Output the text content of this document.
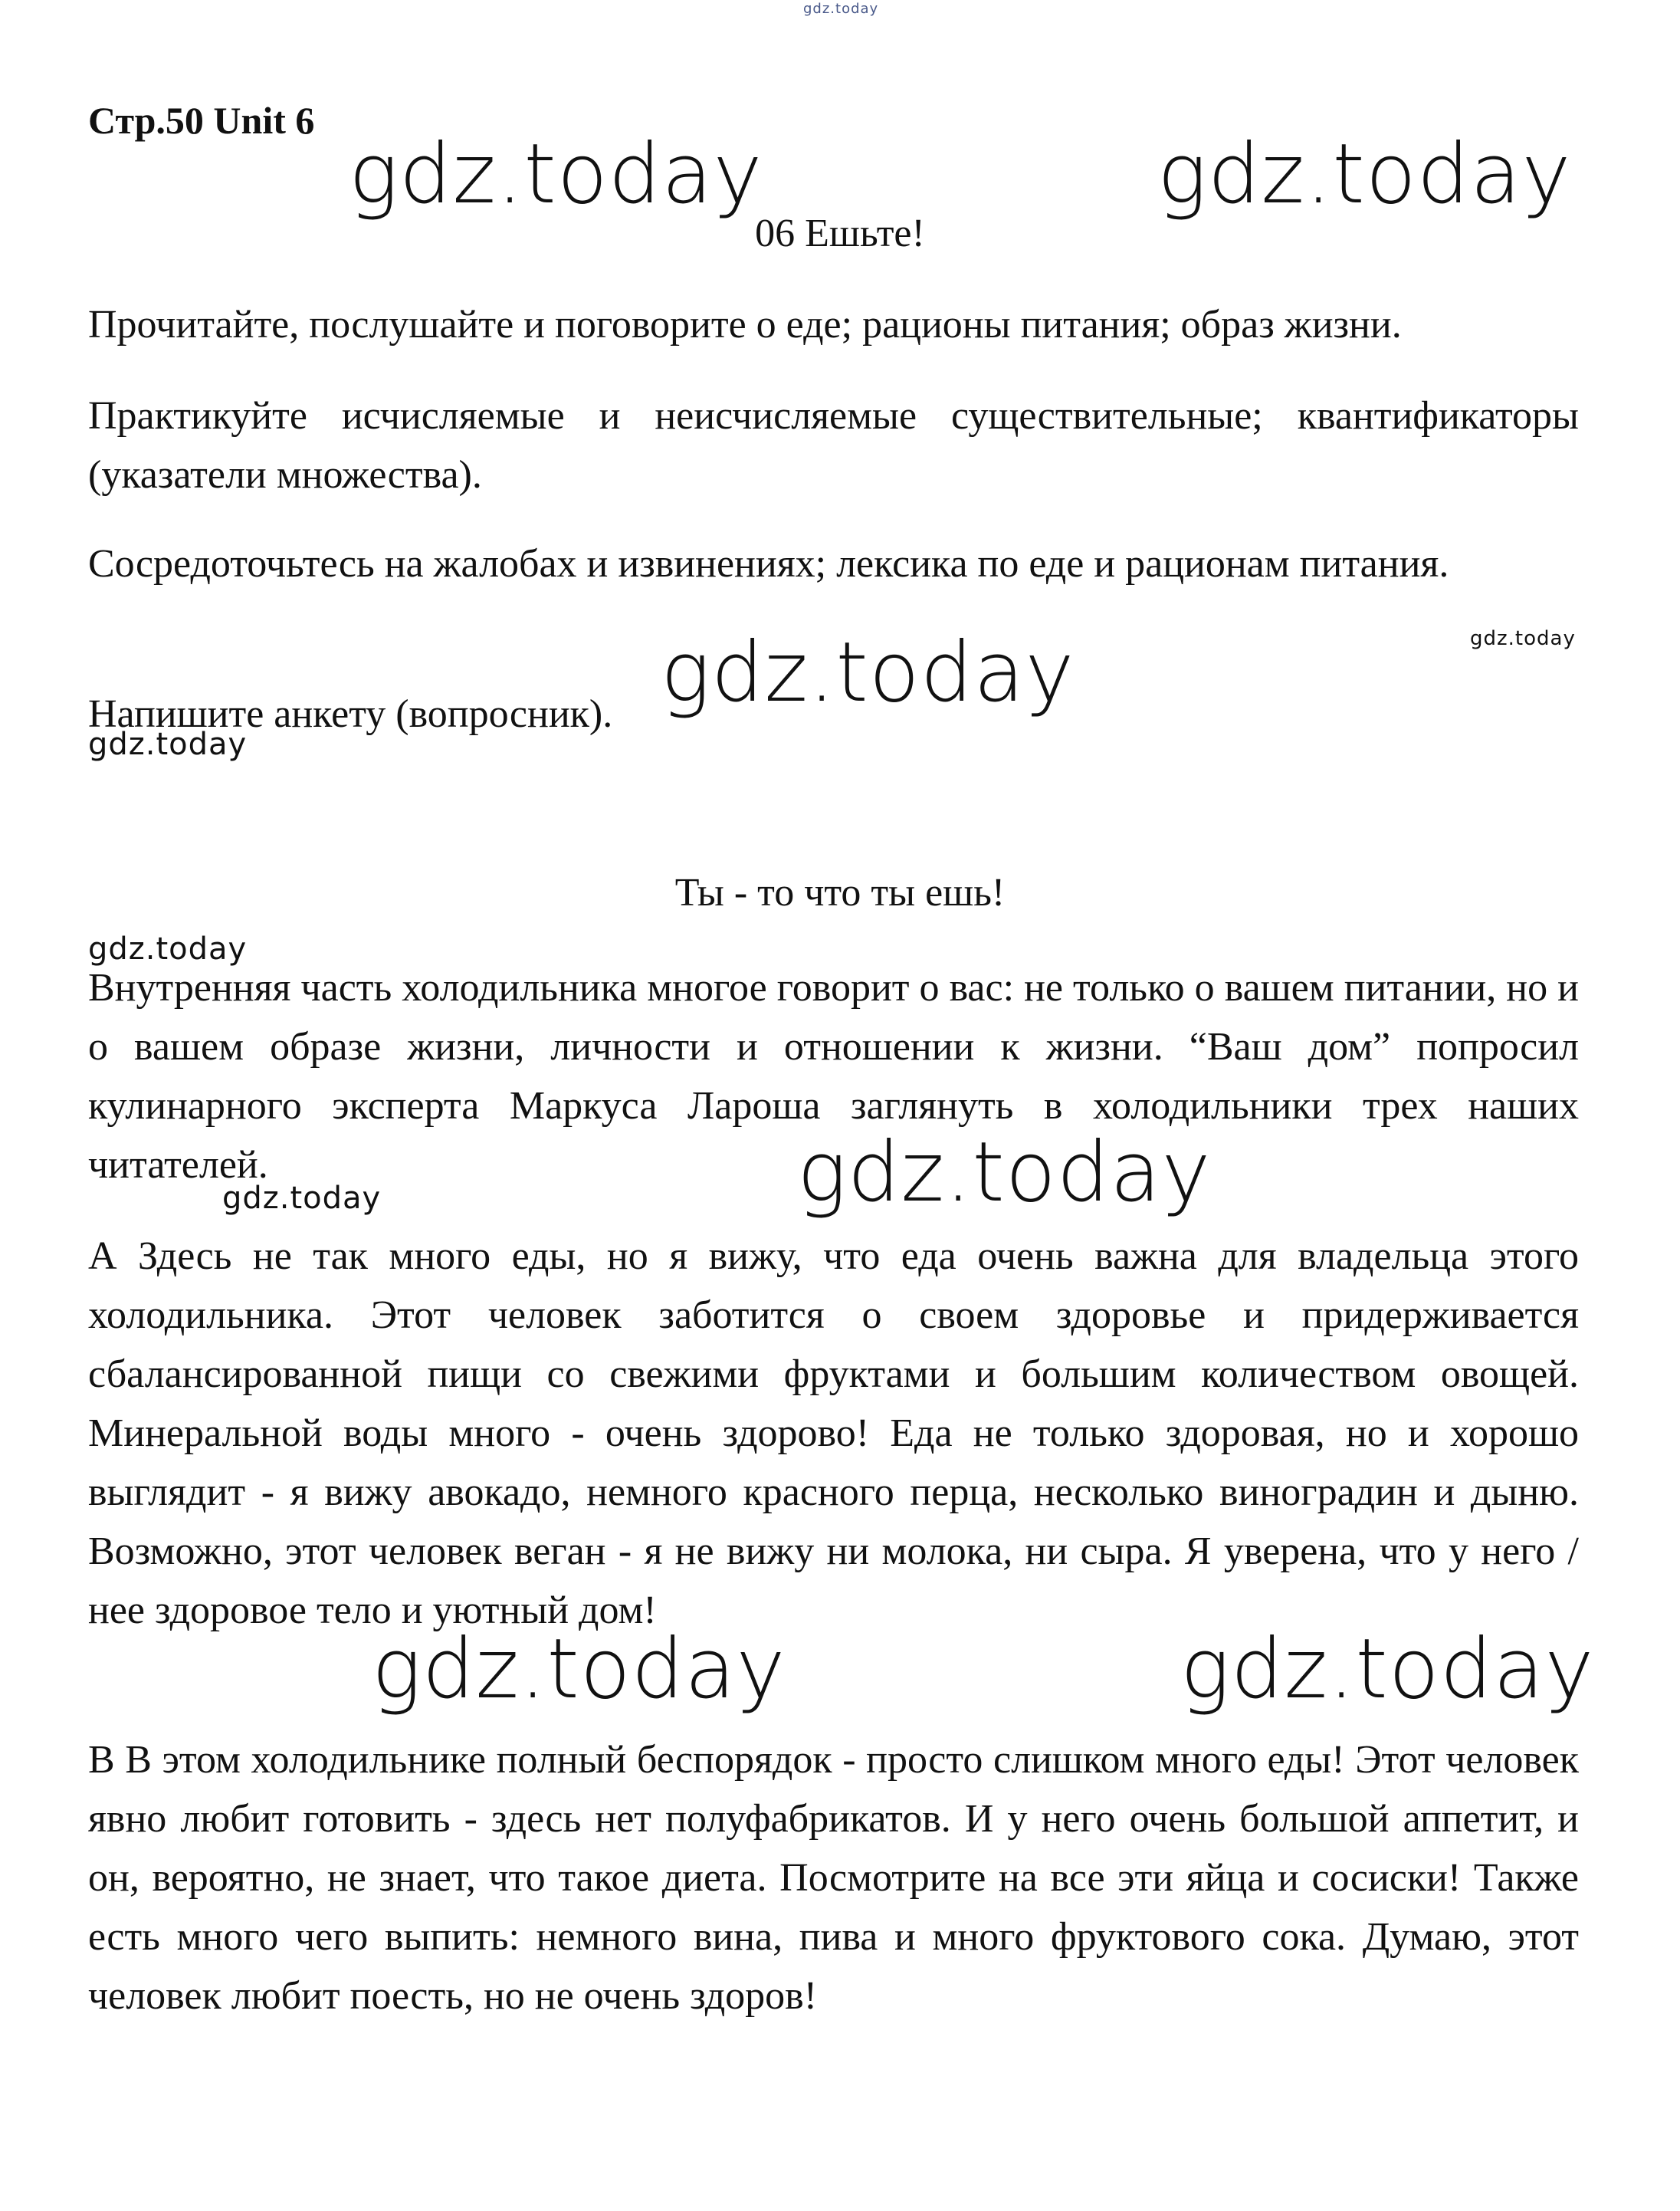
gdz.today

Стр.50 Unit 6

gdz.today	gdz.today

06 Ешьте!

Прочитайте, послушайте и поговорите о еде; рационы питания; образ жизни.

Практикуйте исчисляемые и неисчисляемые существительные; квантификаторы (указатели множества).

Сосредоточьтесь на жалобах и извинениях; лексика по еде и рационам питания.

gdz.today

Напишите анкету (вопросник). gdz.today
gdz.today

Ты - то что ты ешь!

gdz.today

Внутренняя часть холодильника многое говорит о вас: не только о вашем питании, но и о вашем образе жизни, личности и отношении к жизни. “Ваш дом” попросил кулинарного эксперта Маркуса Лароша заглянуть в холодильники трех наших читателей.	gdz.today
gdz.today

А Здесь не так много еды, но я вижу, что еда очень важна для владельца этого холодильника. Этот человек заботится о своем здоровье и придерживается сбалансированной пищи со свежими фруктами и большим количеством овощей. Минеральной воды много - очень здорово! Еда не только здоровая, но и хорошо выглядит - я вижу авокадо, немного красного перца, несколько виноградин и дыню. Возможно, этот человек веган - я не вижу ни молока, ни сыра. Я уверена, что у него / нее здоровое тело и уютный дом!

gdz.today	gdz.today

В В этом холодильнике полный беспорядок - просто слишком много еды! Этот человек явно любит готовить - здесь нет полуфабрикатов. И у него очень большой аппетит, и он, вероятно, не знает, что такое диета. Посмотрите на все эти яйца и сосиски! Также есть много чего выпить: немного вина, пива и много фруктового сока. Думаю, этот человек любит поесть, но не очень здоров!
